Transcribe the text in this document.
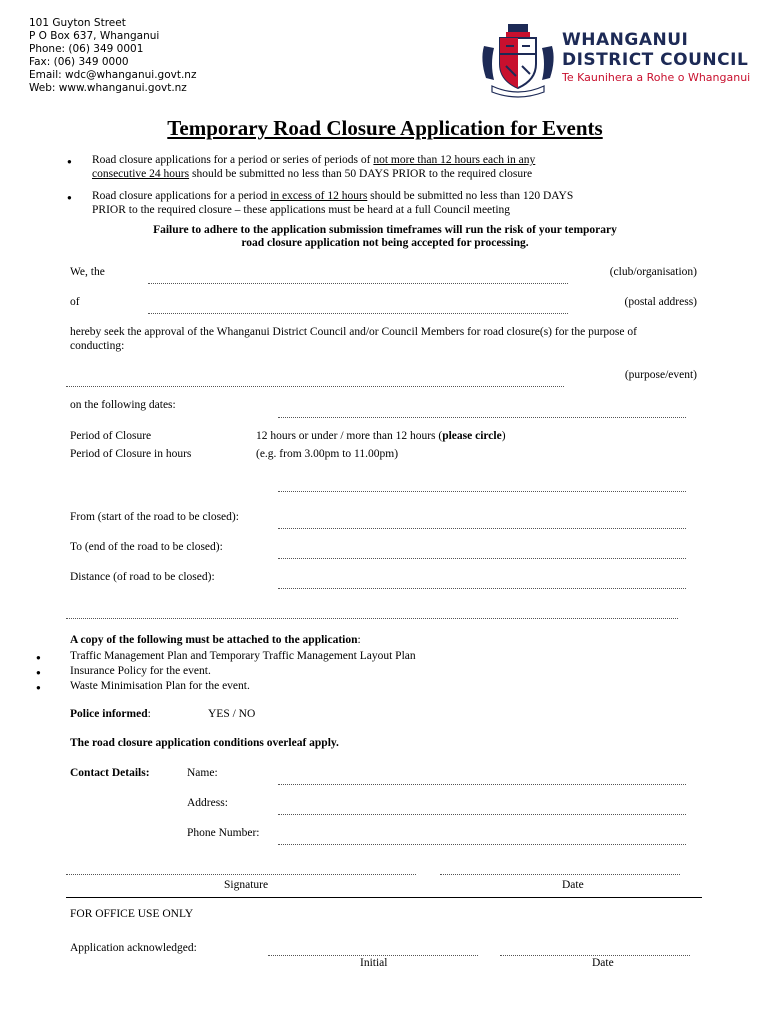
101 Guyton Street
P O Box 637, Whanganui
Phone: (06) 349 0001
Fax: (06) 349 0000
Email: wdc@whanganui.govt.nz
Web: www.whanganui.govt.nz
WHANGANUI
DISTRICT COUNCIL
Te Kaunihera a Rohe o Whanganui
Temporary Road Closure Application for Events
● Road closure applications for a period or series of periods of not more than 12 hours each in any
consecutive 24 hours should be submitted no less than 50 DAYS PRIOR to the required closure
● Road closure applications for a period in excess of 12 hours should be submitted no less than 120 DAYS
PRIOR to the required closure – these applications must be heard at a full Council meeting
Failure to adhere to the application submission timeframes will run the risk of your temporary
road closure application not being accepted for processing.
We, the	(club/organisation)
of	(postal address)
hereby seek the approval of the Whanganui District Council and/or Council Members for road closure(s) for the purpose of
conducting:
(purpose/event)
on the following dates:
Period of Closure	12 hours or under / more than 12 hours (please circle)
Period of Closure in hours	(e.g. from 3.00pm to 11.00pm)
From (start of the road to be closed):
To (end of the road to be closed):
Distance (of road to be closed):
A copy of the following must be attached to the application:
●	Traffic Management Plan and Temporary Traffic Management Layout Plan
●	Insurance Policy for the event.
●	Waste Minimisation Plan for the event.
Police informed:	YES / NO
The road closure application conditions overleaf apply.
Contact Details:	Name:
Address:
Phone Number:
Signature	Date
FOR OFFICE USE ONLY
Application acknowledged:
Initial	Date
